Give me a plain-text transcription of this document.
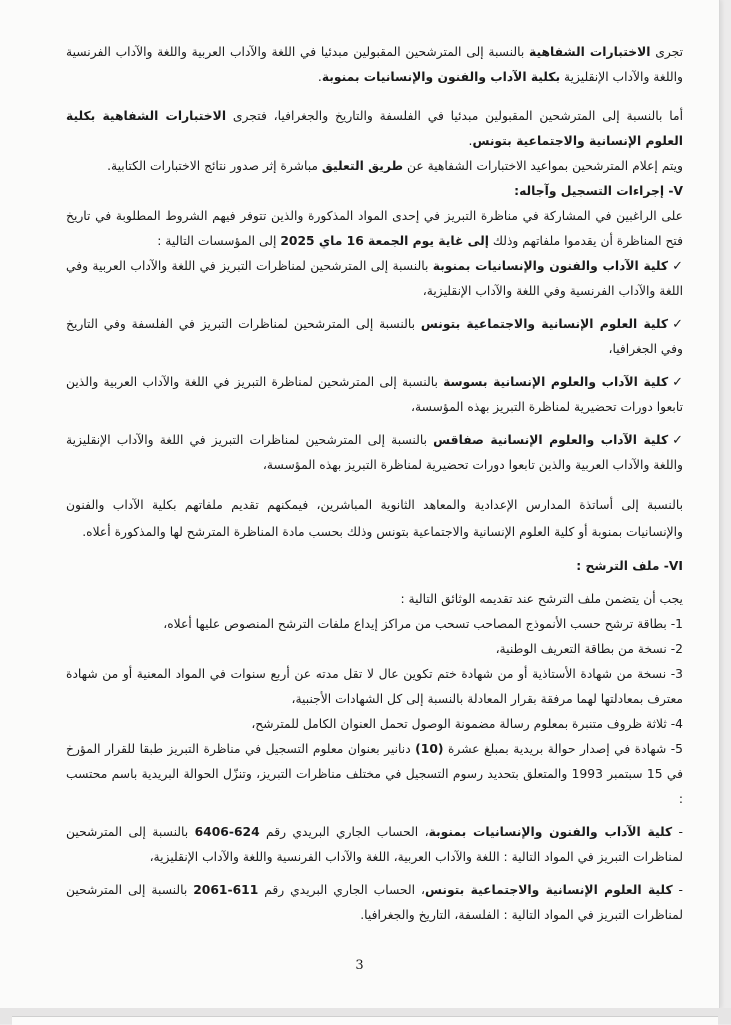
تجرى الاختبارات الشفاهية بالنسبة إلى المترشحين المقبولين مبدئيا في اللغة والآداب العربية واللغة والآداب الفرنسية واللغة والآداب الإنقليزية بكلية الآداب والفنون والإنسانيات بمنوبة.

أما بالنسبة إلى المترشحين المقبولين مبدئيا في الفلسفة والتاريخ والجغرافيا، فتجرى الاختبارات الشفاهية بكلية العلوم الإنسانية والاجتماعية بتونس.

ويتم إعلام المترشحين بمواعيد الاختبارات الشفاهية عن طريق التعليق مباشرة إثر صدور نتائج الاختبارات الكتابية.

V- إجراءات التسجيل وآجاله:

على الراغبين في المشاركة في مناظرة التبريز في إحدى المواد المذكورة والذين تتوفر فيهم الشروط المطلوبة في تاريخ فتح المناظرة أن يقدموا ملفاتهم وذلك إلى غاية يوم الجمعة 16 ماي 2025 إلى المؤسسات التالية :

✓كلية الآداب والفنون والإنسانيات بمنوبة بالنسبة إلى المترشحين لمناظرات التبريز في اللغة والآداب العربية وفي اللغة والآداب الفرنسية وفي اللغة والآداب الإنقليزية،

✓كلية العلوم الإنسانية والاجتماعية بتونس بالنسبة إلى المترشحين لمناظرات التبريز في الفلسفة وفي التاريخ وفي الجغرافيا،

✓كلية الآداب والعلوم الإنسانية بسوسة بالنسبة إلى المترشحين لمناظرة التبريز في اللغة والآداب العربية والذين تابعوا دورات تحضيرية لمناظرة التبريز بهذه المؤسسة،

✓كلية الآداب والعلوم الإنسانية صفاقس بالنسبة إلى المترشحين لمناظرات التبريز في اللغة والآداب الإنقليزية واللغة والآداب العربية والذين تابعوا دورات تحضيرية لمناظرة التبريز بهذه المؤسسة،

بالنسبة إلى أساتذة المدارس الإعدادية والمعاهد الثانوية المباشرين، فيمكنهم تقديم ملفاتهم بكلية الآداب والفنون والإنسانيات بمنوبة أو كلية العلوم الإنسانية والاجتماعية بتونس وذلك بحسب مادة المناظرة المترشح لها والمذكورة أعلاه.

VI- ملف الترشح :

يجب أن يتضمن ملف الترشح عند تقديمه الوثائق التالية :

1- بطاقة ترشح حسب الأنموذج المصاحب تسحب من مراكز إيداع ملفات الترشح المنصوص عليها أعلاه،

2- نسخة من بطاقة التعريف الوطنية،

3- نسخة من شهادة الأستاذية أو من شهادة ختم تكوين عال لا تقل مدته عن أربع سنوات في المواد المعنية أو من شهادة معترف بمعادلتها لهما مرفقة بقرار المعادلة بالنسبة إلى كل الشهادات الأجنبية،

4- ثلاثة ظروف متنبرة بمعلوم رسالة مضمونة الوصول تحمل العنوان الكامل للمترشح،

5- شهادة في إصدار حوالة بريدية بمبلغ عشرة (10) دنانير بعنوان معلوم التسجيل في مناظرة التبريز طبقا للقرار المؤرخ في 15 سبتمبر 1993 والمتعلق بتحديد رسوم التسجيل في مختلف مناظرات التبريز، وتنزّل الحوالة البريدية باسم محتسب :

- كلية الآداب والفنون والإنسانيات بمنوبة، الحساب الجاري البريدي رقم 624-6406 بالنسبة إلى المترشحين لمناظرات التبريز في المواد التالية : اللغة والآداب العربية، اللغة والآداب الفرنسية واللغة والآداب الإنقليزية،

- كلية العلوم الإنسانية والاجتماعية بتونس، الحساب الجاري البريدي رقم 611-2061 بالنسبة إلى المترشحين لمناظرات التبريز في المواد التالية : الفلسفة، التاريخ والجغرافيا.

3
